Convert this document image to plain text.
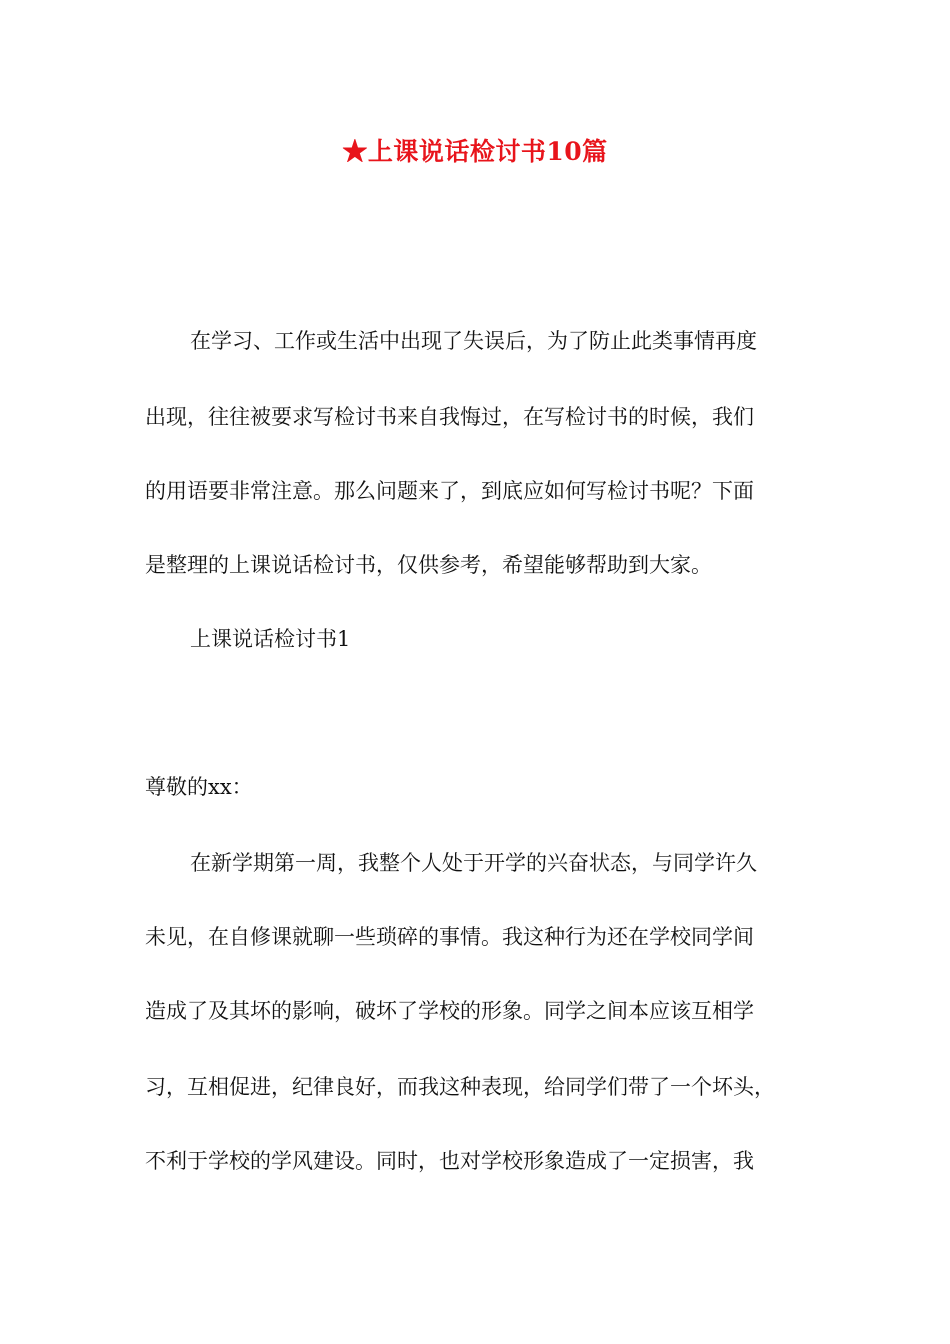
★上课说话检讨书10篇
在学习、工作或生活中出现了失误后，为了防止此类事情再度
出现，往往被要求写检讨书来自我悔过，在写检讨书的时候，我们
的用语要非常注意。那么问题来了，到底应如何写检讨书呢？下面
是整理的上课说话检讨书，仅供参考，希望能够帮助到大家。
上课说话检讨书1
尊敬的xx：
在新学期第一周，我整个人处于开学的兴奋状态，与同学许久
未见，在自修课就聊一些琐碎的事情。我这种行为还在学校同学间
造成了及其坏的影响，破坏了学校的形象。同学之间本应该互相学
习，互相促进，纪律良好，而我这种表现，给同学们带了一个坏头，
不利于学校的学风建设。同时，也对学校形象造成了一定损害，我
